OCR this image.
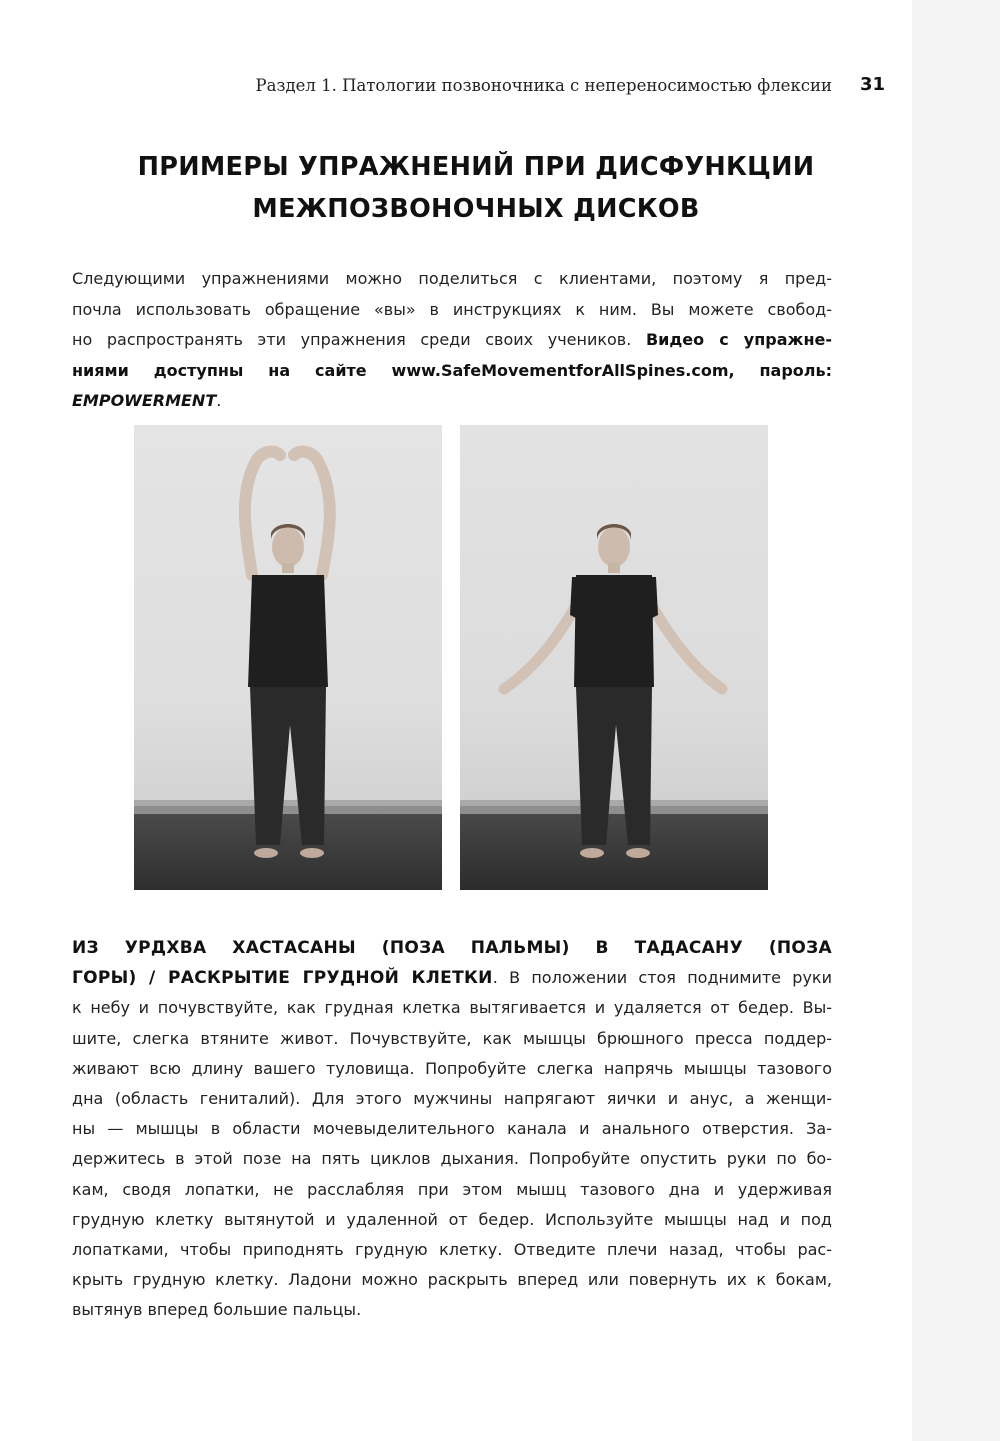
Раздел 1. Патологии позвоночника с непереносимостью флексии 31
ПРИМЕРЫ УПРАЖНЕНИЙ ПРИ ДИСФУНКЦИИ
МЕЖПОЗВОНОЧНЫХ ДИСКОВ
Следующими упражнениями можно поделиться с клиентами, поэтому я пред-
почла использовать обращение «вы» в инструкциях к ним. Вы можете свобод-
но распространять эти упражнения среди своих учеников. Видео с упражне-
ниями доступны на сайте www.SafeMovementforAllSpines.com, пароль:
EMPOWERMENT.
ИЗ УРДХВА ХАСТАСАНЫ (ПОЗА ПАЛЬМЫ) В ТАДАСАНУ (ПОЗА
ГОРЫ) / РАСКРЫТИЕ ГРУДНОЙ КЛЕТКИ. В положении стоя поднимите руки
к небу и почувствуйте, как грудная клетка вытягивается и удаляется от бедер. Вы-
шите, слегка втяните живот. Почувствуйте, как мышцы брюшного пресса поддер-
живают всю длину вашего туловища. Попробуйте слегка напрячь мышцы тазового
дна (область гениталий). Для этого мужчины напрягают яички и анус, а женщи-
ны — мышцы в области мочевыделительного канала и анального отверстия. За-
держитесь в этой позе на пять циклов дыхания. Попробуйте опустить руки по бо-
кам, сводя лопатки, не расслабляя при этом мышц тазового дна и удерживая
грудную клетку вытянутой и удаленной от бедер. Используйте мышцы над и под
лопатками, чтобы приподнять грудную клетку. Отведите плечи назад, чтобы рас-
крыть грудную клетку. Ладони можно раскрыть вперед или повернуть их к бокам,
вытянув вперед большие пальцы.
